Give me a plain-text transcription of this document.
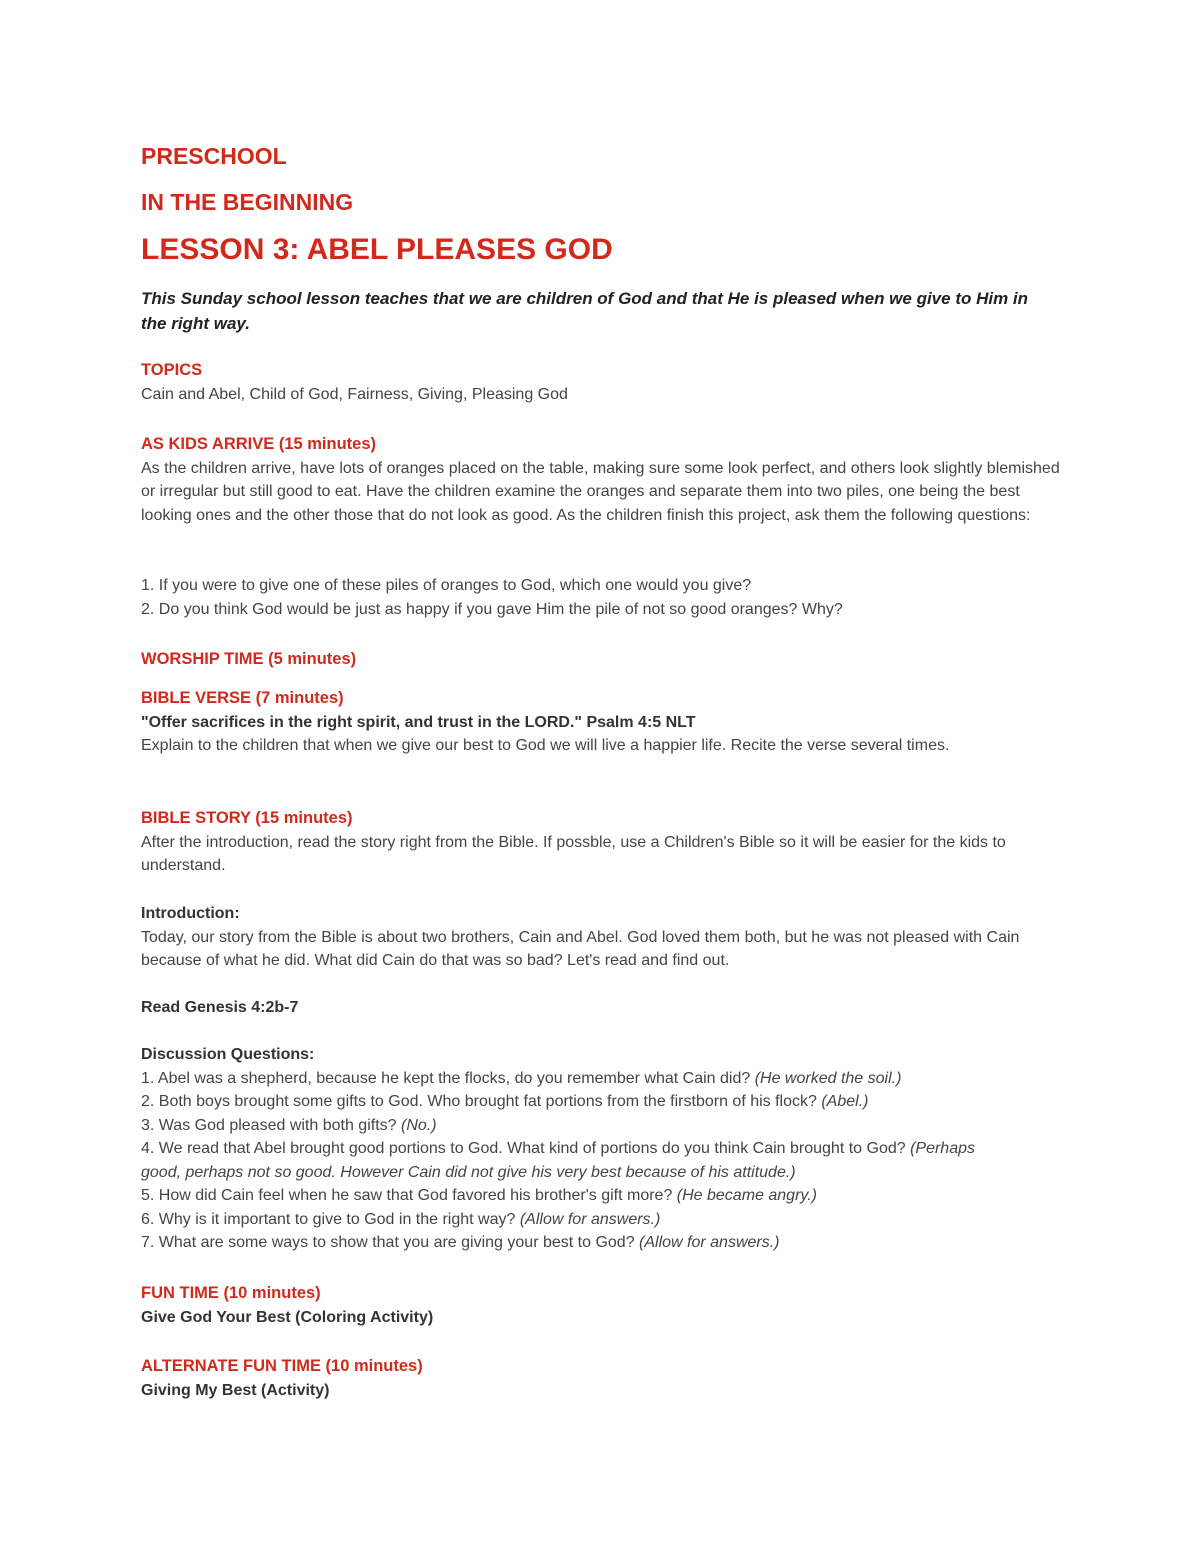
PRESCHOOL
IN THE BEGINNING
LESSON 3: ABEL PLEASES GOD
This Sunday school lesson teaches that we are children of God and that He is pleased when we give to Him in the right way.

TOPICS

Cain and Abel, Child of God, Fairness, Giving, Pleasing God

AS KIDS ARRIVE (15 minutes)

As the children arrive, have lots of oranges placed on the table, making sure some look perfect, and others look slightly blemished or irregular but still good to eat. Have the children examine the oranges and separate them into two piles, one being the best looking ones and the other those that do not look as good. As the children finish this project, ask them the following questions:

1. If you were to give one of these piles of oranges to God, which one would you give?

2. Do you think God would be just as happy if you gave Him the pile of not so good oranges? Why?

WORSHIP TIME (5 minutes)

BIBLE VERSE (7 minutes)

"Offer sacrifices in the right spirit, and trust in the LORD." Psalm 4:5 NLT

Explain to the children that when we give our best to God we will live a happier life. Recite the verse several times.

BIBLE STORY (15 minutes)

After the introduction, read the story right from the Bible. If possble, use a Children's Bible so it will be easier for the kids to understand.

Introduction:

Today, our story from the Bible is about two brothers, Cain and Abel. God loved them both, but he was not pleased with Cain because of what he did. What did Cain do that was so bad? Let's read and find out.

Read Genesis 4:2b-7

Discussion Questions:

1. Abel was a shepherd, because he kept the flocks, do you remember what Cain did? (He worked the soil.)

2. Both boys brought some gifts to God. Who brought fat portions from the firstborn of his flock? (Abel.)

3. Was God pleased with both gifts? (No.)

4. We read that Abel brought good portions to God. What kind of portions do you think Cain brought to God? (Perhaps good, perhaps not so good. However Cain did not give his very best because of his attitude.)

5. How did Cain feel when he saw that God favored his brother's gift more? (He became angry.)

6. Why is it important to give to God in the right way? (Allow for answers.)

7. What are some ways to show that you are giving your best to God? (Allow for answers.)

FUN TIME (10 minutes)

Give God Your Best (Coloring Activity)

ALTERNATE FUN TIME (10 minutes)

Giving My Best (Activity)
